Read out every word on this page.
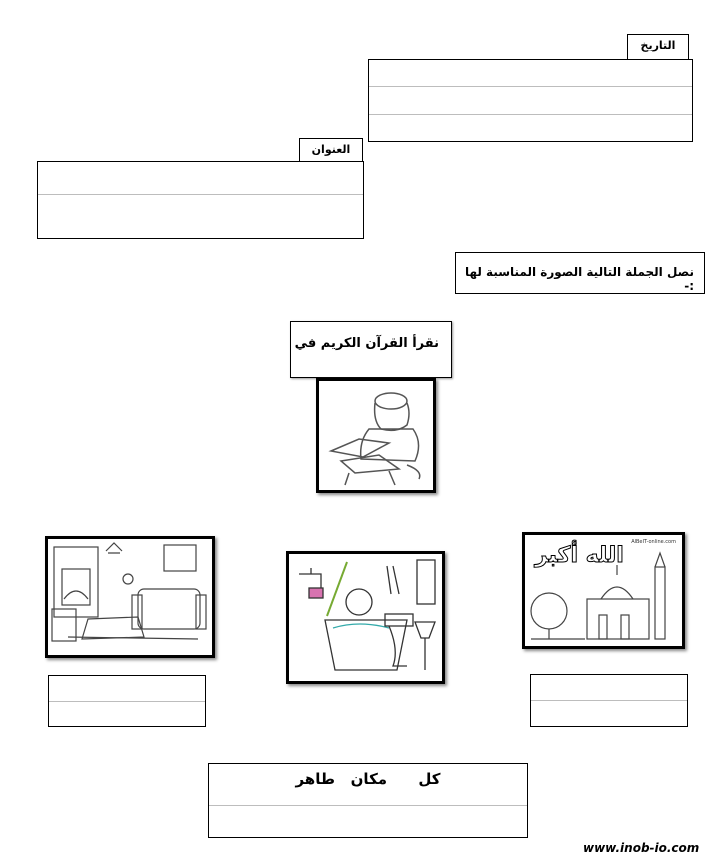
التاريخ
العنوان
نصل الجملة التالية الصورة المناسبة لها :-
نقرأ القرآن الكريم في
AlBeIT-online.com
الله أكبر
كل      مكان   طاهر
www.inob-io.com
